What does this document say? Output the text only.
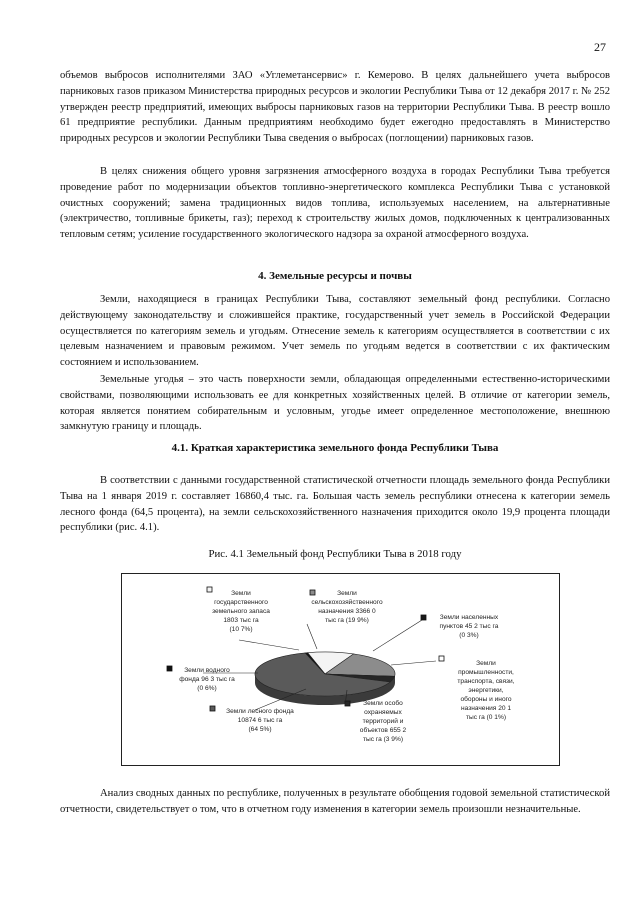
27

объемов выбросов исполнителями ЗАО «Углеметансервис» г. Кемерово. В целях дальнейшего учета выбросов парниковых газов приказом Министерства природных ресурсов и экологии Республики Тыва от 12 декабря 2017 г. № 252 утвержден реестр предприятий, имеющих выбросы парниковых газов на территории Республики Тыва. В реестр вошло 61 предприятие республики. Данным предприятиям необходимо будет ежегодно предоставлять в Министерство природных ресурсов и экологии Республики Тыва сведения о выбросах (поглощении) парниковых газов.

В целях снижения общего уровня загрязнения атмосферного воздуха в городах Республики Тыва требуется проведение работ по модернизации объектов топливно-энергетического комплекса Республики Тыва с установкой очистных сооружений; замена традиционных видов топлива, используемых населением, на альтернативные (электричество, топливные брикеты, газ); переход к строительству жилых домов, подключенных к централизованных тепловым сетям; усиление государственного экологического надзора за охраной атмосферного воздуха.

4. Земельные ресурсы и почвы

Земли, находящиеся в границах Республики Тыва, составляют земельный фонд республики. Согласно действующему законодательству и сложившейся практике, государственный учет земель в Российской Федерации осуществляется по категориям земель и угодьям. Отнесение земель к категориям осуществляется в соответствии с их целевым назначением и правовым режимом. Учет земель по угодьям ведется в соответствии с их фактическим состоянием и использованием.

Земельные угодья – это часть поверхности земли, обладающая определенными естественно-историческими свойствами, позволяющими использовать ее для конкретных хозяйственных целей. В отличие от категории земель, которая является понятием собирательным и условным, угодье имеет определенное местоположение, внешнюю замкнутую границу и площадь.

4.1. Краткая характеристика земельного фонда Республики Тыва

В соответствии с данными государственной статистической отчетности площадь земельного фонда Республики Тыва на 1 января 2019 г. составляет 16860,4 тыс. га. Большая часть земель республики отнесена к категории земель лесного фонда (64,5 процента), на земли сельскохозяйственного назначения приходится около 19,9 процента площади республики (рис. 4.1).

Рис. 4.1 Земельный фонд Республики Тыва в 2018 году

Земли государственного земельного запаса 1803 тыс га (10 7%)
Земли сельскохозяйственного назначения 3366 0 тыс га (19 9%)	Земли населенных пунктов 45 2 тыс га (0 3%)
Земли промышленности, транспорта, связи, энергетики, обороны и иного назначения 20 1 тыс га (0 1%)
Земли особо охраняемых территорий и объектов 655 2 тыс га (3 9%)
Земли лесного фонда 10874 6 тыс га (64 5%)
Земли водного фонда 96 3 тыс га (0 6%)

Анализ сводных данных по республике, полученных в результате обобщения годовой земельной статистической отчетности, свидетельствует о том, что в отчетном году изменения в категории земель произошли незначительные.
